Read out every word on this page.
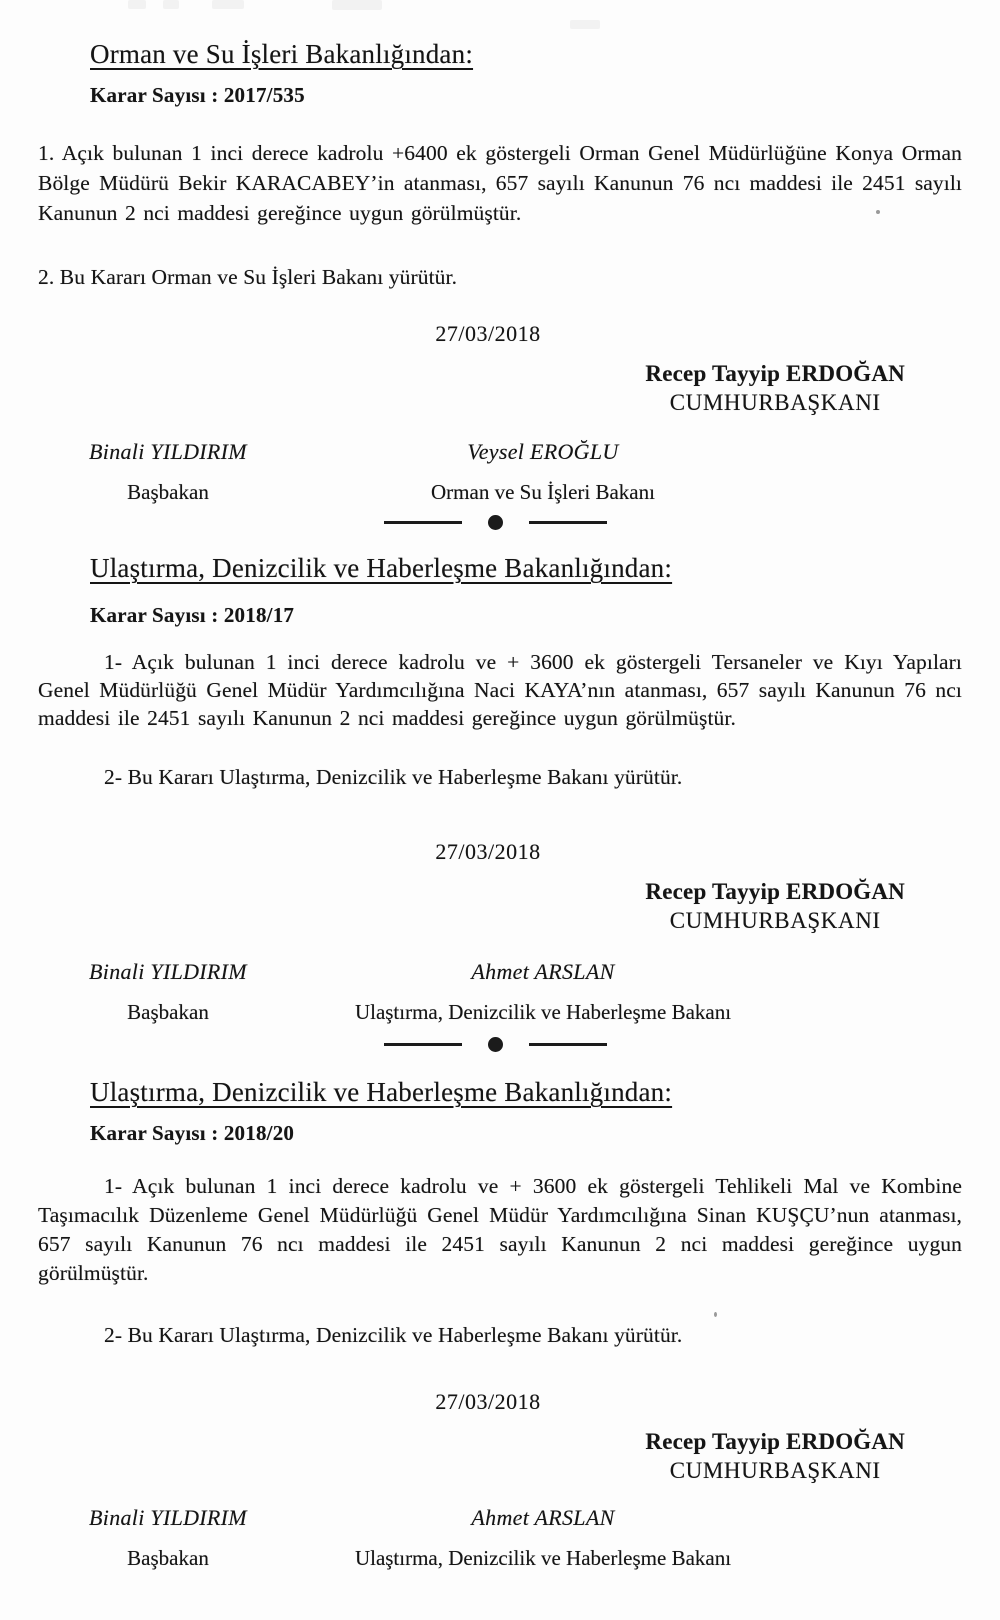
Orman ve Su İşleri Bakanlığından:

Karar Sayısı : 2017/535

1. Açık bulunan 1 inci derece kadrolu +6400 ek göstergeli Orman Genel Müdürlüğüne Konya Orman Bölge Müdürü Bekir KARACABEY’in atanması, 657 sayılı Kanunun 76 ncı maddesi ile 2451 sayılı Kanunun 2 nci maddesi gereğince uygun görülmüştür.

2. Bu Kararı Orman ve Su İşleri Bakanı yürütür.

27/03/2018
Recep Tayyip ERDOĞAN
CUMHURBAŞKANI
Binali YILDIRIM	Veysel EROĞLU
Başbakan	Orman ve Su İşleri Bakanı
Ulaştırma, Denizcilik ve Haberleşme Bakanlığından:

Karar Sayısı : 2018/17

1- Açık bulunan 1 inci derece kadrolu ve + 3600 ek göstergeli Tersaneler ve Kıyı Yapıları Genel Müdürlüğü Genel Müdür Yardımcılığına Naci KAYA’nın atanması, 657 sayılı Kanunun 76 ncı maddesi ile 2451 sayılı Kanunun 2 nci maddesi gereğince uygun görülmüştür.

2- Bu Kararı Ulaştırma, Denizcilik ve Haberleşme Bakanı yürütür.

27/03/2018
Recep Tayyip ERDOĞAN
CUMHURBAŞKANI
Binali YILDIRIM	Ahmet ARSLAN
Başbakan	Ulaştırma, Denizcilik ve Haberleşme Bakanı
Ulaştırma, Denizcilik ve Haberleşme Bakanlığından:

Karar Sayısı : 2018/20

1- Açık bulunan 1 inci derece kadrolu ve + 3600 ek göstergeli Tehlikeli Mal ve Kombine Taşımacılık Düzenleme Genel Müdürlüğü Genel Müdür Yardımcılığına Sinan KUŞÇU’nun atanması, 657 sayılı Kanunun 76 ncı maddesi ile 2451 sayılı Kanunun 2 nci maddesi gereğince uygun görülmüştür.

2- Bu Kararı Ulaştırma, Denizcilik ve Haberleşme Bakanı yürütür.

27/03/2018
Recep Tayyip ERDOĞAN
CUMHURBAŞKANI
Binali YILDIRIM	Ahmet ARSLAN
Başbakan	Ulaştırma, Denizcilik ve Haberleşme Bakanı
